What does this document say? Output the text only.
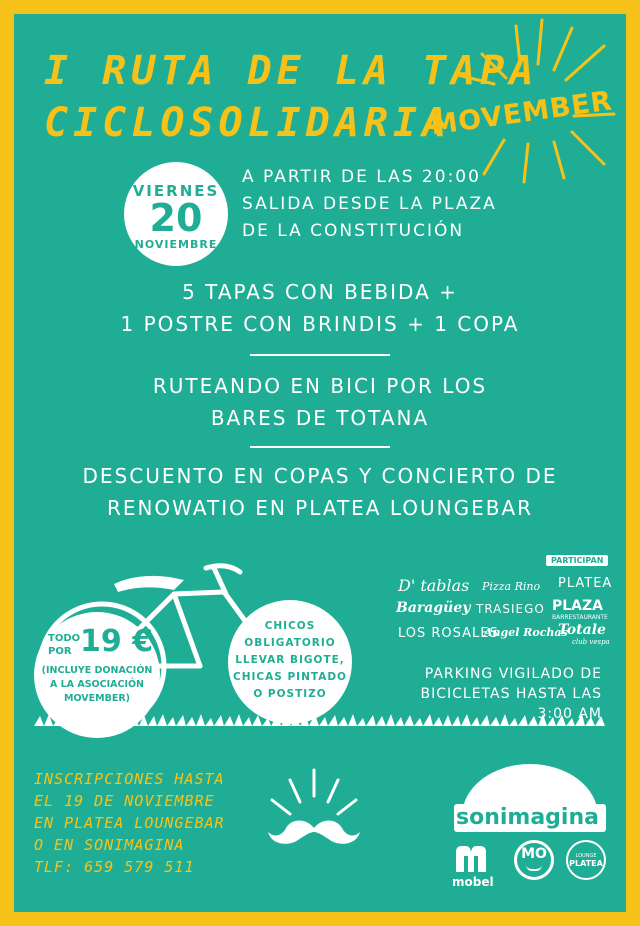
I RUTA DE LA TAPA
CICLOSOLIDARIA
MOVEMBER
VIERNES
20
NOVIEMBRE
A PARTIR DE LAS 20:00
SALIDA DESDE LA PLAZA
DE LA CONSTITUCIÓN
5 TAPAS CON BEBIDA +
1 POSTRE CON BRINDIS + 1 COPA
RUTEANDO EN BICI POR LOS
BARES DE TOTANA
DESCUENTO EN COPAS Y CONCIERTO DE
RENOWATIO EN PLATEA LOUNGEBAR
TODO
POR 19 €
(INCLUYE DONACIÓN
A LA ASOCIACIÓN
MOVEMBER)
CHICOS
OBLIGATORIO
LLEVAR BIGOTE,
CHICAS PINTADO
O POSTIZO
PARTICIPAN
D' tablas Pizza Rino PLATEA
Baragüey TRASIEGO PLAZA
BARRESTAURANTE
LOS ROSALES
Angel Rochas
Totale
club vespa
PARKING VIGILADO DE
BICICLETAS HASTA LAS 3:00 AM
INSCRIPCIONES HASTA
EL 19 DE NOVIEMBRE
EN PLATEA LOUNGEBAR
O EN SONIMAGINA
TLF: 659 579 511
sonimagina
mobel
MO	LOUNGE
PLATEA
